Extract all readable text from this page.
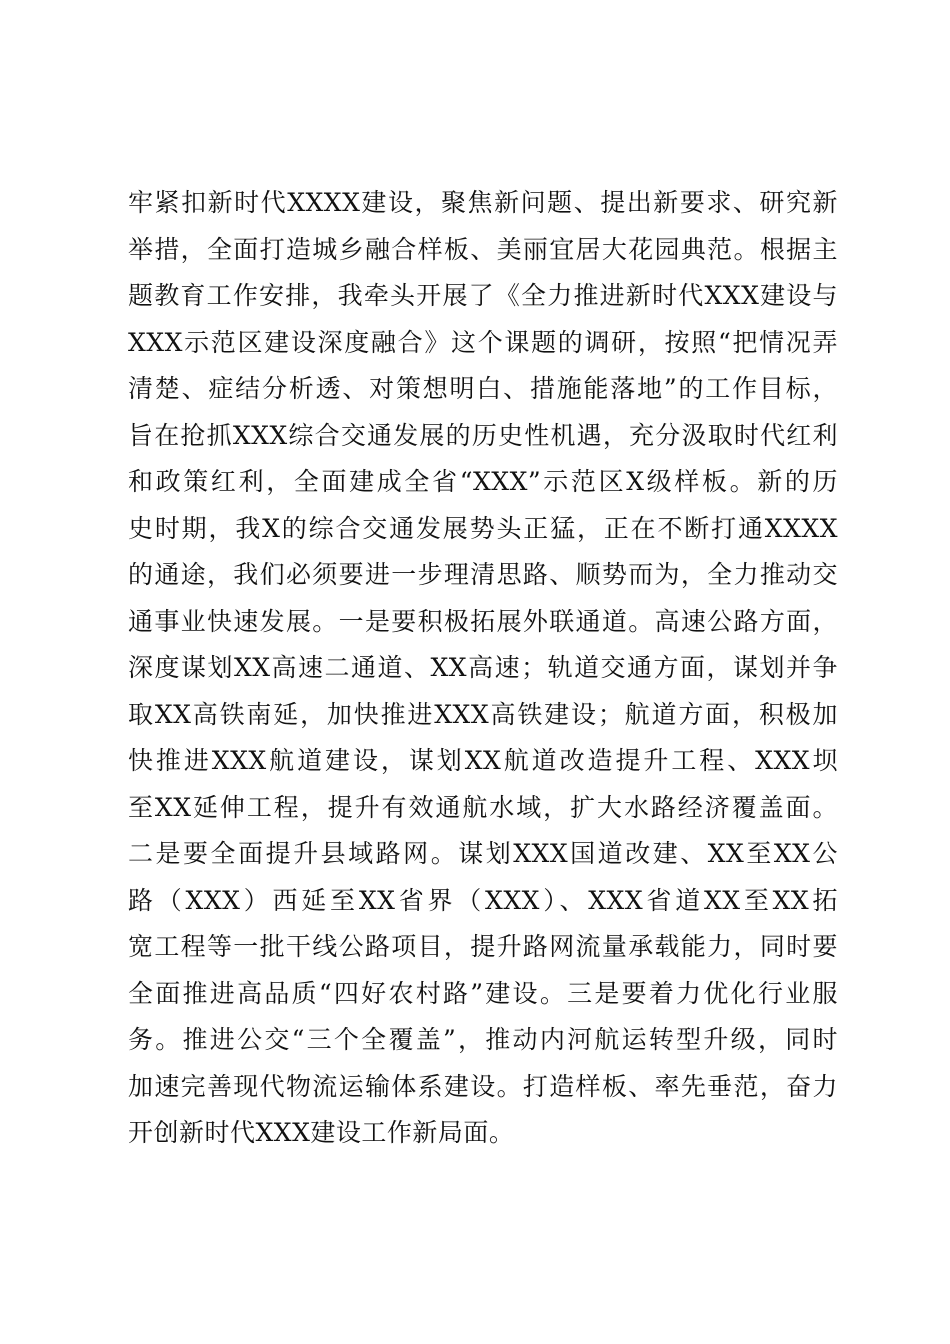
牢紧扣新时代XXXX建设，聚焦新问题、提出新要求、研究新
举措，全面打造城乡融合样板、美丽宜居大花园典范。根据主
题教育工作安排，我牵头开展了《全力推进新时代XXX建设与
XXX示范区建设深度融合》这个课题的调研，按照“把情况弄
清楚、症结分析透、对策想明白、措施能落地”的工作目标，
旨在抢抓XXX综合交通发展的历史性机遇，充分汲取时代红利
和政策红利，全面建成全省“XXX”示范区X级样板。新的历
史时期，我X的综合交通发展势头正猛，正在不断打通XXXX
的通途，我们必须要进一步理清思路、顺势而为，全力推动交
通事业快速发展。一是要积极拓展外联通道。高速公路方面，
深度谋划XX高速二通道、XX高速；轨道交通方面，谋划并争
取XX高铁南延，加快推进XXX高铁建设；航道方面，积极加
快推进XXX航道建设，谋划XX航道改造提升工程、XXX坝
至XX延伸工程，提升有效通航水域，扩大水路经济覆盖面。
二是要全面提升县域路网。谋划XXX国道改建、XX至XX公
路（XXX）西延至XX省界（XXX）、XXX省道XX至XX拓
宽工程等一批干线公路项目，提升路网流量承载能力，同时要
全面推进高品质“四好农村路”建设。三是要着力优化行业服
务。推进公交“三个全覆盖”，推动内河航运转型升级，同时
加速完善现代物流运输体系建设。打造样板、率先垂范，奋力
开创新时代XXX建设工作新局面。
